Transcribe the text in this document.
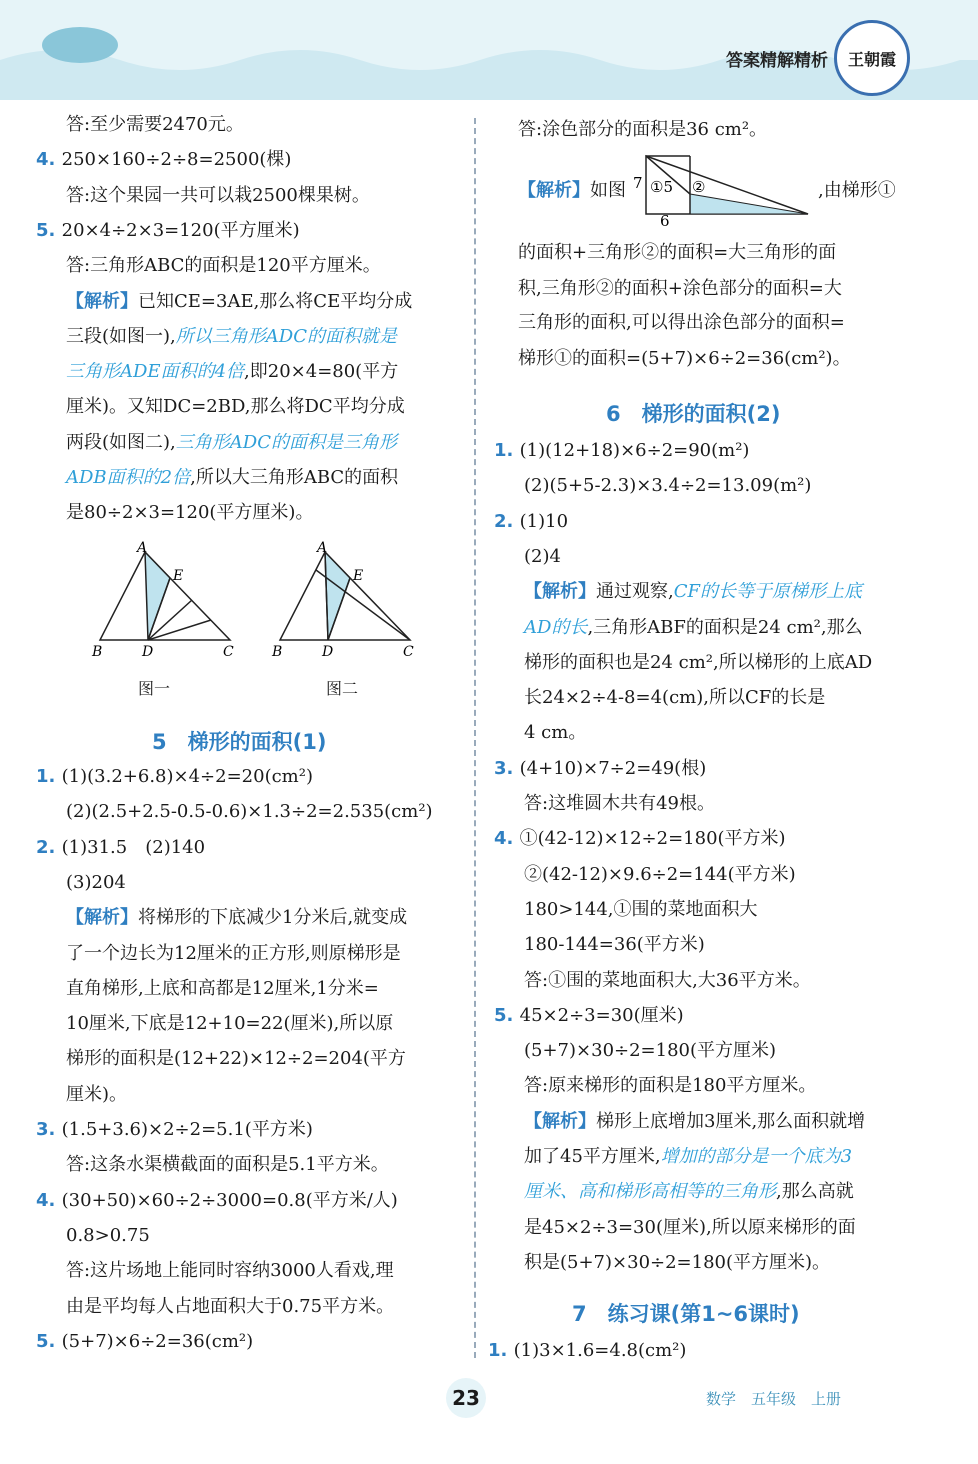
答案精解精析	王朝霞
答:至少需要2470元。
4. 250×160÷2÷8=2500(棵)
答:这个果园一共可以栽2500棵果树。
5. 20×4÷2×3=120(平方厘米)
答:三角形ABC的面积是120平方厘米。
【解析】已知CE=3AE,那么将CE平均分成
三段(如图一),所以三角形ADC的面积就是
三角形ADE面积的4倍,即20×4=80(平方
厘米)。又知DC=2BD,那么将DC平均分成
两段(如图二),三角形ADC的面积是三角形
ADB面积的2倍,所以大三角形ABC的面积
是80÷2×3=120(平方厘米)。
A
E
B	D	C
图一
A
E
B	D	C
图二
5　梯形的面积(1)
1. (1)(3.2+6.8)×4÷2=20(cm²)
(2)(2.5+2.5-0.5-0.6)×1.3÷2=2.535(cm²)
2. (1)31.5　(2)140
(3)204
【解析】将梯形的下底减少1分米后,就变成
了一个边长为12厘米的正方形,则原梯形是
直角梯形,上底和高都是12厘米,1分米=
10厘米,下底是12+10=22(厘米),所以原
梯形的面积是(12+22)×12÷2=204(平方
厘米)。
3. (1.5+3.6)×2÷2=5.1(平方米)
答:这条水渠横截面的面积是5.1平方米。
4. (30+50)×60÷2÷3000=0.8(平方米/人)
0.8>0.75
答:这片场地上能同时容纳3000人看戏,理
由是平均每人占地面积大于0.75平方米。
5. (5+7)×6÷2=36(cm²)
答:涂色部分的面积是36 cm²。
【解析】如图
的面积+三角形②的面积=大三角形的面
积,三角形②的面积+涂色部分的面积=大
三角形的面积,可以得出涂色部分的面积=
梯形①的面积=(5+7)×6÷2=36(cm²)。
7 ①5 ②
6
,由梯形①
6　梯形的面积(2)
1. (1)(12+18)×6÷2=90(m²)
(2)(5+5-2.3)×3.4÷2=13.09(m²)
2. (1)10
(2)4
【解析】通过观察,CF的长等于原梯形上底
AD的长,三角形ABF的面积是24 cm²,那么
梯形的面积也是24 cm²,所以梯形的上底AD
长24×2÷4-8=4(cm),所以CF的长是
4 cm。
3. (4+10)×7÷2=49(根)
答:这堆圆木共有49根。
4. ①(42-12)×12÷2=180(平方米)
②(42-12)×9.6÷2=144(平方米)
180>144,①围的菜地面积大
180-144=36(平方米)
答:①围的菜地面积大,大36平方米。
5. 45×2÷3=30(厘米)
(5+7)×30÷2=180(平方厘米)
答:原来梯形的面积是180平方厘米。
【解析】梯形上底增加3厘米,那么面积就增
加了45平方厘米,增加的部分是一个底为3
厘米、高和梯形高相等的三角形,那么高就
是45×2÷3=30(厘米),所以原来梯形的面
积是(5+7)×30÷2=180(平方厘米)。
7　练习课(第1~6课时)
1. (1)3×1.6=4.8(cm²)
23	数学　五年级　上册
